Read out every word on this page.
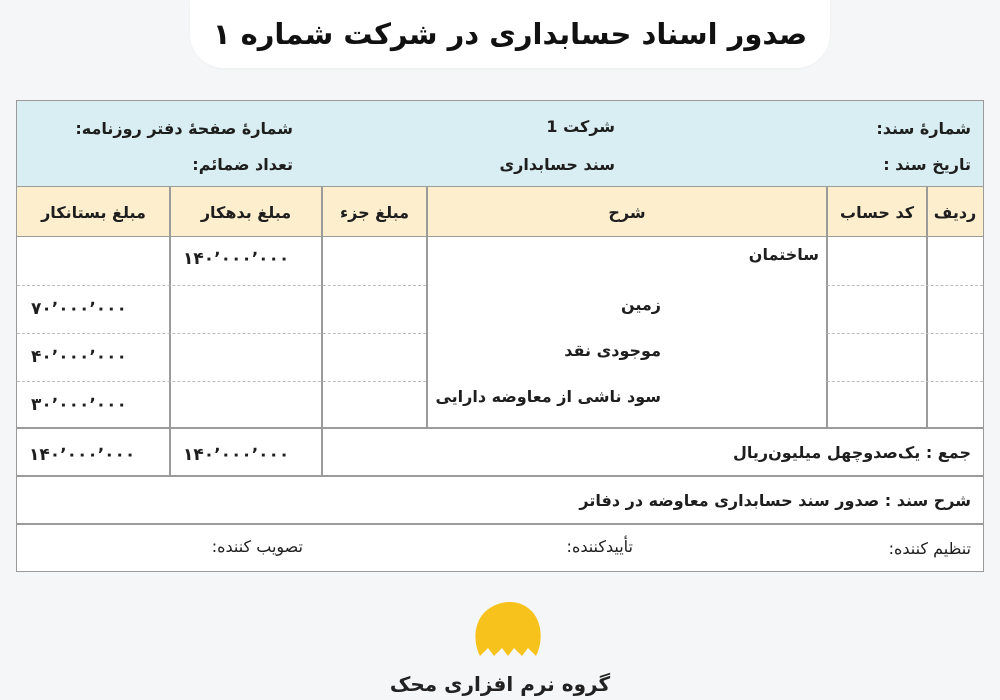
صدور اسناد حسابداری در شرکت شماره ۱
شمارهٔ سند:
تاریخ سند :
شرکت 1
سند حسابداری
شمارهٔ صفحهٔ دفتر روزنامه:
تعداد ضمائم:
ردیف
کد حساب
شرح
مبلغ جزء
مبلغ بدهکار
مبلغ بستانکار
ساختمان
۱۴۰٬۰۰۰٬۰۰۰
زمین
۷۰٬۰۰۰٬۰۰۰
موجودی نقد
۴۰٬۰۰۰٬۰۰۰
سود ناشی از معاوضه دارایی
۳۰٬۰۰۰٬۰۰۰
جمع : یک‌صدوچهل میلیون‌ریال
۱۴۰٬۰۰۰٬۰۰۰
۱۴۰٬۰۰۰٬۰۰۰
شرح سند : صدور سند حسابداری معاوضه در دفاتر
تنظیم کننده:
تأییدکننده:
تصویب کننده:
گروه نرم افزاری محک
